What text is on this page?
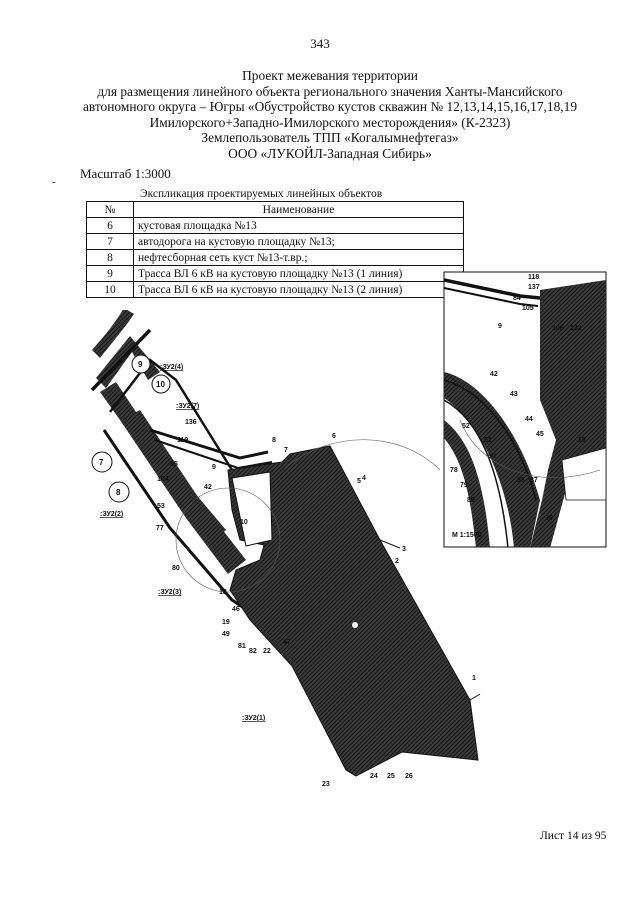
343
Проект межевания территории
для размещения линейного объекта регионального значения Ханты-Мансийского
автономного округа – Югры «Обустройство кустов скважин № 12,13,14,15,16,17,18,19
Имилорского+Западно-Имилорского месторождения» (К-2323)
Землепользователь ТПП «Когалымнефтегаз»
ООО «ЛУКОЙЛ-Западная Сибирь»
-
Масштаб 1:3000
Экспликация проектируемых линейных объектов
№	Наименование
6	кустовая площадка №13
7	автодорога на кустовую площадку №13;
8	нефтесборная сеть куст №13-т.вр.;
9	Трасса ВЛ 6 кВ на кустовую площадку №13 (1 линия)
10	Трасса ВЛ 6 кВ на кустовую площадку №13 (2 линия)
9
10
7
8
:ЗУ2(4)
:ЗУ2(7)
:ЗУ2(2)
:ЗУ2(3)
:ЗУ2(1)
136
119
85
104
42
53
77
80
10
9
8
7
6
5 4
3
2
18
46
19
49
81
82 22
47
1
23
24 25 26
118
137
84
105
9	106 132
42
43
44
45
10
52
78
79
80
51
50
35 37
36
М 1:1500
Лист 14 из 95
